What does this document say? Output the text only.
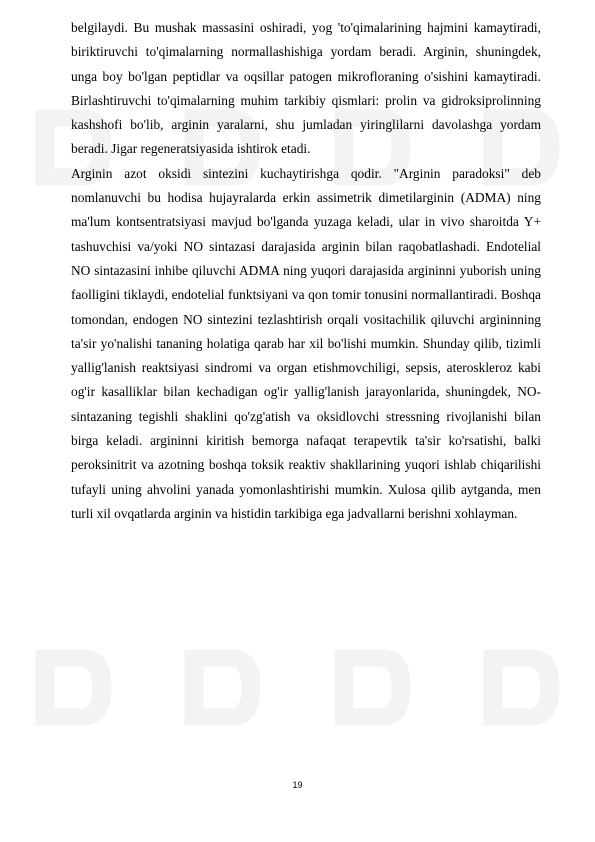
belgilaydi. Bu mushak massasini oshiradi, yog 'to'qimalarining hajmini kamaytiradi, biriktiruvchi to'qimalarning normallashishiga yordam beradi. Arginin, shuningdek, unga boy bo'lgan peptidlar va oqsillar patogen mikrofloraning o'sishini kamaytiradi. Birlashtiruvchi to'qimalarning muhim tarkibiy qismlari: prolin va gidroksiprolinning kashshofi bo'lib, arginin yaralarni, shu jumladan yiringlilarni davolashga yordam beradi. Jigar regeneratsiyasida ishtirok etadi.

Arginin azot oksidi sintezini kuchaytirishga qodir. "Arginin paradoksi" deb nomlanuvchi bu hodisa hujayralarda erkin assimetrik dimetilarginin (ADMA) ning ma'lum kontsentratsiyasi mavjud bo'lganda yuzaga keladi, ular in vivo sharoitda Y+ tashuvchisi va/yoki NO sintazasi darajasida arginin bilan raqobatlashadi. Endotelial NO sintazasini inhibe qiluvchi ADMA ning yuqori darajasida argininni yuborish uning faolligini tiklaydi, endotelial funktsiyani va qon tomir tonusini normallantiradi. Boshqa tomondan, endogen NO sintezini tezlashtirish orqali vositachilik qiluvchi argininning ta'sir yo'nalishi tananing holatiga qarab har xil bo'lishi mumkin. Shunday qilib, tizimli yallig'lanish reaktsiyasi sindromi va organ etishmovchiligi, sepsis, ateroskleroz kabi og'ir kasalliklar bilan kechadigan og'ir yallig'lanish jarayonlarida, shuningdek, NO-sintazaning tegishli shaklini qo'zg'atish va oksidlovchi stressning rivojlanishi bilan birga keladi. argininni kiritish bemorga nafaqat terapevtik ta'sir ko'rsatishi, balki peroksinitrit va azotning boshqa toksik reaktiv shakllarining yuqori ishlab chiqarilishi tufayli uning ahvolini yanada yomonlashtirishi mumkin. Xulosa qilib aytganda, men turli xil ovqatlarda arginin va histidin tarkibiga ega jadvallarni berishni xohlayman.

19
